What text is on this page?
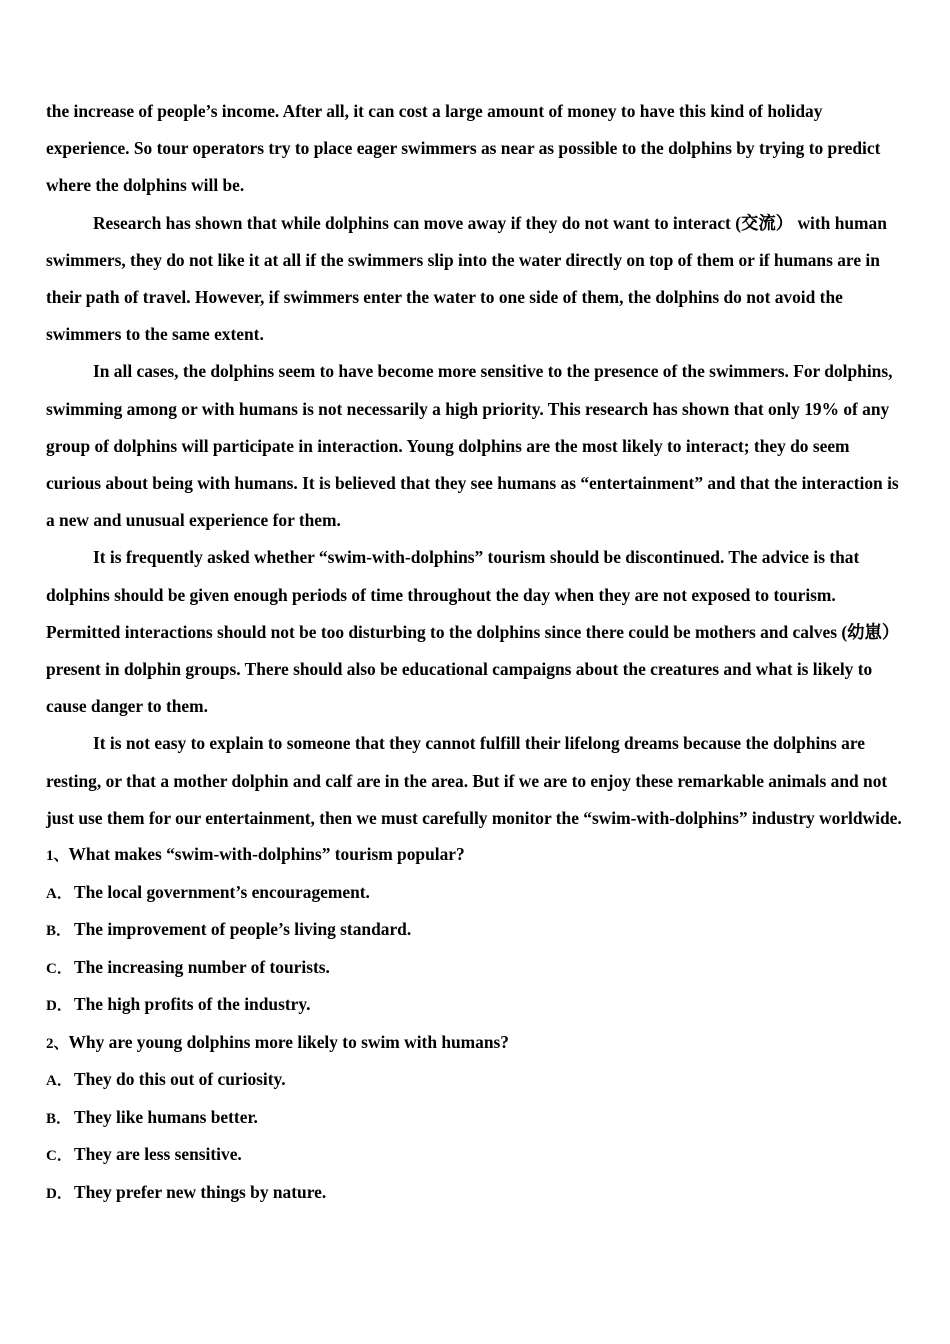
the increase of people’s income. After all, it can cost a large amount of money to have this kind of holiday experience. So tour operators try to place eager swimmers as near as possible to the dolphins by trying to predict where the dolphins will be.

Research has shown that while dolphins can move away if they do not want to interact (交流） with human swimmers, they do not like it at all if the swimmers slip into the water directly on top of them or if humans are in their path of travel. However, if swimmers enter the water to one side of them, the dolphins do not avoid the swimmers to the same extent.

In all cases, the dolphins seem to have become more sensitive to the presence of the swimmers. For dolphins, swimming among or with humans is not necessarily a high priority. This research has shown that only 19% of any group of dolphins will participate in interaction. Young dolphins are the most likely to interact; they do seem curious about being with humans. It is believed that they see humans as “entertainment” and that the interaction is a new and unusual experience for them.

It is frequently asked whether “swim-with-dolphins” tourism should be discontinued. The advice is that dolphins should be given enough periods of time throughout the day when they are not exposed to tourism. Permitted interactions should not be too disturbing to the dolphins since there could be mothers and calves (幼崽） present in dolphin groups. There should also be educational campaigns about the creatures and what is likely to cause danger to them.

It is not easy to explain to someone that they cannot fulfill their lifelong dreams because the dolphins are resting, or that a mother dolphin and calf are in the area. But if we are to enjoy these remarkable animals and not just use them for our entertainment, then we must carefully monitor the “swim-with-dolphins” industry worldwide.

1、What makes “swim-with-dolphins” tourism popular?

A． The local government’s encouragement.

B． The improvement of people’s living standard.

C． The increasing number of tourists.

D． The high profits of the industry.

2、Why are young dolphins more likely to swim with humans?

A． They do this out of curiosity.

B． They like humans better.

C． They are less sensitive.

D． They prefer new things by nature.
